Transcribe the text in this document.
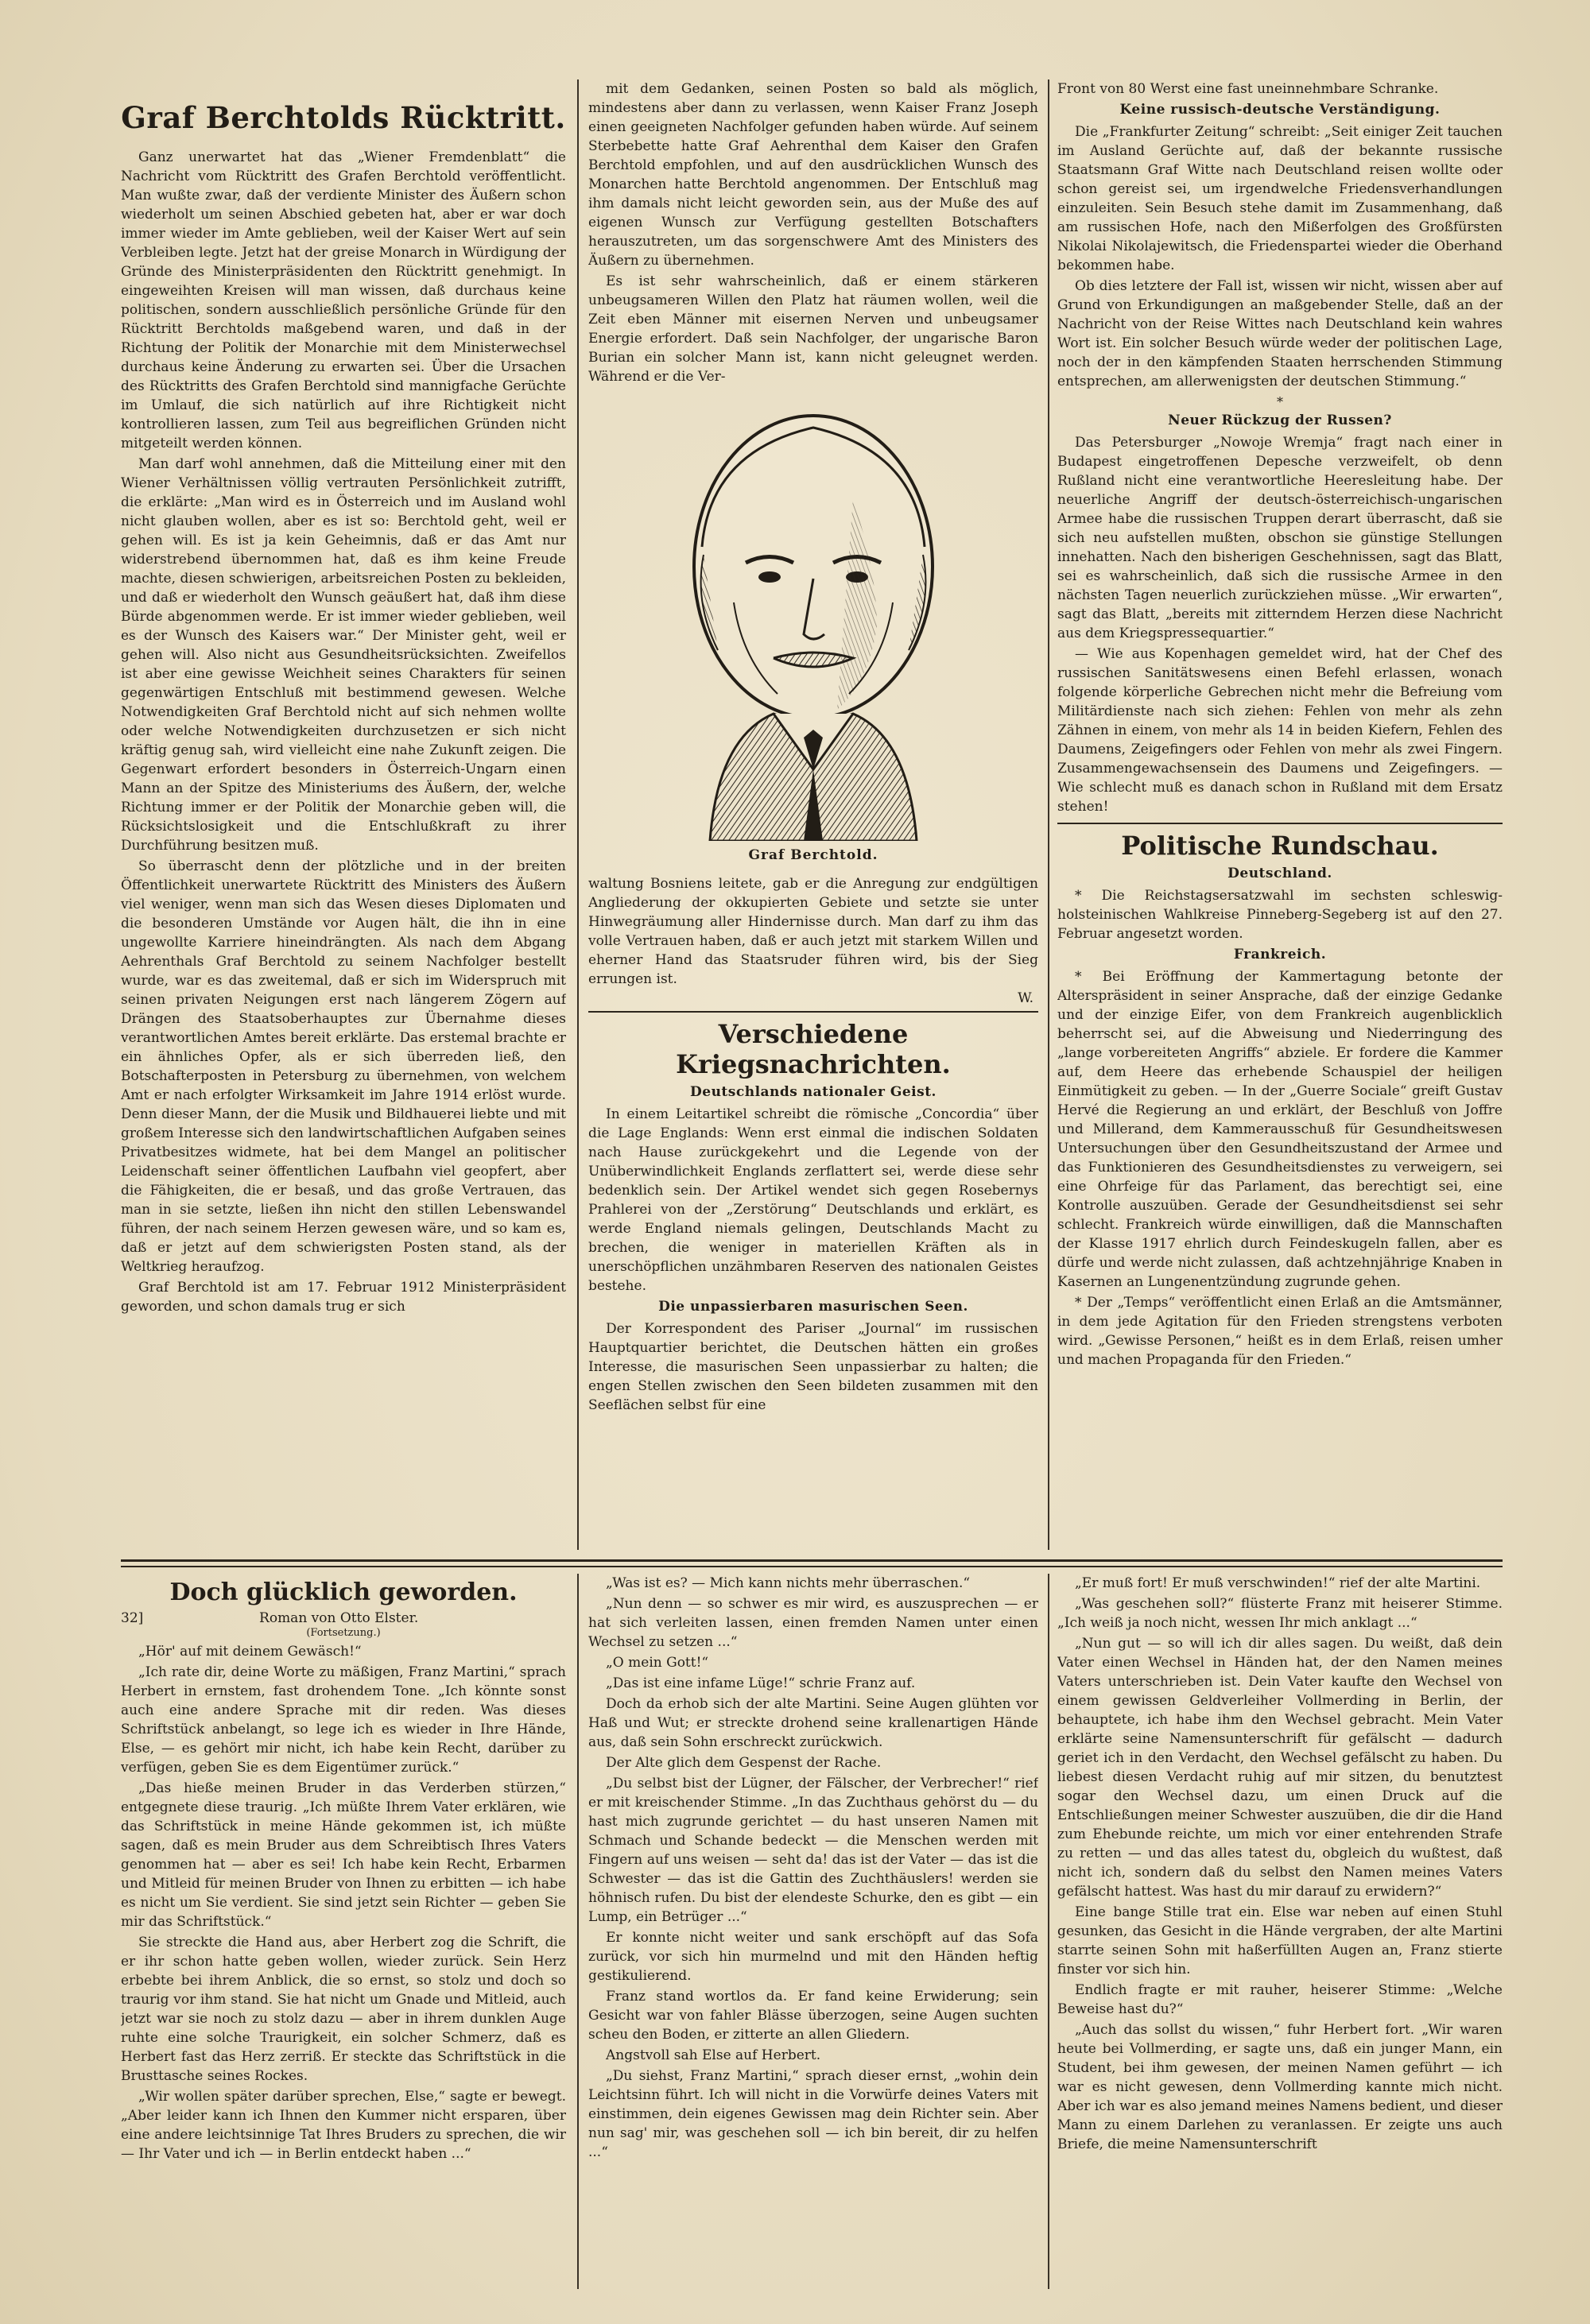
Graf Berchtolds Rücktritt.

Ganz unerwartet hat das „Wiener Fremdenblatt“ die Nachricht vom Rücktritt des Grafen Berchtold veröffentlicht. Man wußte zwar, daß der verdiente Minister des Äußern schon wiederholt um seinen Abschied gebeten hat, aber er war doch immer wieder im Amte geblieben, weil der Kaiser Wert auf sein Verbleiben legte. Jetzt hat der greise Monarch in Würdigung der Gründe des Ministerpräsidenten den Rücktritt genehmigt. In eingeweihten Kreisen will man wissen, daß durchaus keine politischen, sondern ausschließlich persönliche Gründe für den Rücktritt Berchtolds maßgebend waren, und daß in der Richtung der Politik der Monarchie mit dem Ministerwechsel durchaus keine Änderung zu erwarten sei. Über die Ursachen des Rücktritts des Grafen Berchtold sind mannigfache Gerüchte im Umlauf, die sich natürlich auf ihre Richtigkeit nicht kontrollieren lassen, zum Teil aus begreiflichen Gründen nicht mitgeteilt werden können.

Man darf wohl annehmen, daß die Mitteilung einer mit den Wiener Verhältnissen völlig vertrauten Persönlichkeit zutrifft, die erklärte: „Man wird es in Österreich und im Ausland wohl nicht glauben wollen, aber es ist so: Berchtold geht, weil er gehen will. Es ist ja kein Geheimnis, daß er das Amt nur widerstrebend übernommen hat, daß es ihm keine Freude machte, diesen schwierigen, arbeitsreichen Posten zu bekleiden, und daß er wiederholt den Wunsch geäußert hat, daß ihm diese Bürde abgenommen werde. Er ist immer wieder geblieben, weil es der Wunsch des Kaisers war.“ Der Minister geht, weil er gehen will. Also nicht aus Gesundheitsrücksichten. Zweifellos ist aber eine gewisse Weichheit seines Charakters für seinen gegenwärtigen Entschluß mit bestimmend gewesen. Welche Notwendigkeiten Graf Berchtold nicht auf sich nehmen wollte oder welche Notwendigkeiten durchzusetzen er sich nicht kräftig genug sah, wird vielleicht eine nahe Zukunft zeigen. Die Gegenwart erfordert besonders in Österreich-Ungarn einen Mann an der Spitze des Ministeriums des Äußern, der, welche Richtung immer er der Politik der Monarchie geben will, die Rücksichtslosigkeit und die Entschlußkraft zu ihrer Durchführung besitzen muß.

So überrascht denn der plötzliche und in der breiten Öffentlichkeit unerwartete Rücktritt des Ministers des Äußern viel weniger, wenn man sich das Wesen dieses Diplomaten und die besonderen Umstände vor Augen hält, die ihn in eine ungewollte Karriere hineindrängten. Als nach dem Abgang Aehrenthals Graf Berchtold zu seinem Nachfolger bestellt wurde, war es das zweitemal, daß er sich im Widerspruch mit seinen privaten Neigungen erst nach längerem Zögern auf Drängen des Staatsoberhauptes zur Übernahme dieses verantwortlichen Amtes bereit erklärte. Das erstemal brachte er ein ähnliches Opfer, als er sich überreden ließ, den Botschafterposten in Petersburg zu übernehmen, von welchem Amt er nach erfolgter Wirksamkeit im Jahre 1914 erlöst wurde. Denn dieser Mann, der die Musik und Bildhauerei liebte und mit großem Interesse sich den landwirtschaftlichen Aufgaben seines Privatbesitzes widmete, hat bei dem Mangel an politischer Leidenschaft seiner öffentlichen Laufbahn viel geopfert, aber die Fähigkeiten, die er besaß, und das große Vertrauen, das man in sie setzte, ließen ihn nicht den stillen Lebenswandel führen, der nach seinem Herzen gewesen wäre, und so kam es, daß er jetzt auf dem schwierigsten Posten stand, als der Weltkrieg heraufzog.

Graf Berchtold ist am 17. Februar 1912 Ministerpräsident geworden, und schon damals trug er sich

mit dem Gedanken, seinen Posten so bald als möglich, mindestens aber dann zu verlassen, wenn Kaiser Franz Joseph einen geeigneten Nachfolger gefunden haben würde. Auf seinem Sterbebette hatte Graf Aehrenthal dem Kaiser den Grafen Berchtold empfohlen, und auf den ausdrücklichen Wunsch des Monarchen hatte Berchtold angenommen. Der Entschluß mag ihm damals nicht leicht geworden sein, aus der Muße des auf eigenen Wunsch zur Verfügung gestellten Botschafters herauszutreten, um das sorgenschwere Amt des Ministers des Äußern zu übernehmen.

Es ist sehr wahrscheinlich, daß er einem stärkeren unbeugsameren Willen den Platz hat räumen wollen, weil die Zeit eben Männer mit eisernen Nerven und unbeugsamer Energie erfordert. Daß sein Nachfolger, der ungarische Baron Burian ein solcher Mann ist, kann nicht geleugnet werden. Während er die Ver-

Graf Berchtold.

waltung Bosniens leitete, gab er die Anregung zur endgültigen Angliederung der okkupierten Gebiete und setzte sie unter Hinwegräumung aller Hindernisse durch. Man darf zu ihm das volle Vertrauen haben, daß er auch jetzt mit starkem Willen und eherner Hand das Staatsruder führen wird, bis der Sieg errungen ist.

W.
Verschiedene Kriegsnachrichten.
Deutschlands nationaler Geist.

In einem Leitartikel schreibt die römische „Concordia“ über die Lage Englands: Wenn erst einmal die indischen Soldaten nach Hause zurückgekehrt und die Legende von der Unüberwindlichkeit Englands zerflattert sei, werde diese sehr bedenklich sein. Der Artikel wendet sich gegen Rosebernys Prahlerei von der „Zerstörung“ Deutschlands und erklärt, es werde England niemals gelingen, Deutschlands Macht zu brechen, die weniger in materiellen Kräften als in unerschöpflichen unzähmbaren Reserven des nationalen Geistes bestehe.

Die unpassierbaren masurischen Seen.

Der Korrespondent des Pariser „Journal“ im russischen Hauptquartier berichtet, die Deutschen hätten ein großes Interesse, die masurischen Seen unpassierbar zu halten; die engen Stellen zwischen den Seen bildeten zusammen mit den Seeflächen selbst für eine

Front von 80 Werst eine fast uneinnehmbare Schranke.

Keine russisch-deutsche Verständigung.

Die „Frankfurter Zeitung“ schreibt: „Seit einiger Zeit tauchen im Ausland Gerüchte auf, daß der bekannte russische Staatsmann Graf Witte nach Deutschland reisen wollte oder schon gereist sei, um irgendwelche Friedensverhandlungen einzuleiten. Sein Besuch stehe damit im Zusammenhang, daß am russischen Hofe, nach den Mißerfolgen des Großfürsten Nikolai Nikolajewitsch, die Friedenspartei wieder die Oberhand bekommen habe.

Ob dies letztere der Fall ist, wissen wir nicht, wissen aber auf Grund von Erkundigungen an maßgebender Stelle, daß an der Nachricht von der Reise Wittes nach Deutschland kein wahres Wort ist. Ein solcher Besuch würde weder der politischen Lage, noch der in den kämpfenden Staaten herrschenden Stimmung entsprechen, am allerwenigsten der deutschen Stimmung.“

*
Neuer Rückzug der Russen?

Das Petersburger „Nowoje Wremja“ fragt nach einer in Budapest eingetroffenen Depesche verzweifelt, ob denn Rußland nicht eine verantwortliche Heeresleitung habe. Der neuerliche Angriff der deutsch-österreichisch-ungarischen Armee habe die russischen Truppen derart überrascht, daß sie sich neu aufstellen mußten, obschon sie günstige Stellungen innehatten. Nach den bisherigen Geschehnissen, sagt das Blatt, sei es wahrscheinlich, daß sich die russische Armee in den nächsten Tagen neuerlich zurückziehen müsse. „Wir erwarten“, sagt das Blatt, „bereits mit zitterndem Herzen diese Nachricht aus dem Kriegspressequartier.“

— Wie aus Kopenhagen gemeldet wird, hat der Chef des russischen Sanitätswesens einen Befehl erlassen, wonach folgende körperliche Gebrechen nicht mehr die Befreiung vom Militärdienste nach sich ziehen: Fehlen von mehr als zehn Zähnen in einem, von mehr als 14 in beiden Kiefern, Fehlen des Daumens, Zeigefingers oder Fehlen von mehr als zwei Fingern. Zusammengewachsensein des Daumens und Zeigefingers. — Wie schlecht muß es danach schon in Rußland mit dem Ersatz stehen!

Politische Rundschau.
Deutschland.

* Die Reichstagsersatzwahl im sechsten schleswig-holsteinischen Wahlkreise Pinneberg-Segeberg ist auf den 27. Februar angesetzt worden.

Frankreich.

* Bei Eröffnung der Kammertagung betonte der Alterspräsident in seiner Ansprache, daß der einzige Gedanke und der einzige Eifer, von dem Frankreich augenblicklich beherrscht sei, auf die Abweisung und Niederringung des „lange vorbereiteten Angriffs“ abziele. Er fordere die Kammer auf, dem Heere das erhebende Schauspiel der heiligen Einmütigkeit zu geben. — In der „Guerre Sociale“ greift Gustav Hervé die Regierung an und erklärt, der Beschluß von Joffre und Millerand, dem Kammerausschuß für Gesundheitswesen Untersuchungen über den Gesundheitszustand der Armee und das Funktionieren des Gesundheitsdienstes zu verweigern, sei eine Ohrfeige für das Parlament, das berechtigt sei, eine Kontrolle auszuüben. Gerade der Gesundheitsdienst sei sehr schlecht. Frankreich würde einwilligen, daß die Mannschaften der Klasse 1917 ehrlich durch Feindeskugeln fallen, aber es dürfe und werde nicht zulassen, daß achtzehnjährige Knaben in Kasernen an Lungenentzündung zugrunde gehen.

* Der „Temps“ veröffentlicht einen Erlaß an die Amtsmänner, in dem jede Agitation für den Frieden strengstens verboten wird. „Gewisse Personen,“ heißt es in dem Erlaß, reisen umher und machen Propaganda für den Frieden.“

Doch glücklich geworden.
32]	Roman von Otto Elster.
(Fortsetzung.)

„Hör' auf mit deinem Gewäsch!“

„Ich rate dir, deine Worte zu mäßigen, Franz Martini,“ sprach Herbert in ernstem, fast drohendem Tone. „Ich könnte sonst auch eine andere Sprache mit dir reden. Was dieses Schriftstück anbelangt, so lege ich es wieder in Ihre Hände, Else, — es gehört mir nicht, ich habe kein Recht, darüber zu verfügen, geben Sie es dem Eigentümer zurück.“

„Das hieße meinen Bruder in das Verderben stürzen,“ entgegnete diese traurig. „Ich müßte Ihrem Vater erklären, wie das Schriftstück in meine Hände gekommen ist, ich müßte sagen, daß es mein Bruder aus dem Schreibtisch Ihres Vaters genommen hat — aber es sei! Ich habe kein Recht, Erbarmen und Mitleid für meinen Bruder von Ihnen zu erbitten — ich habe es nicht um Sie verdient. Sie sind jetzt sein Richter — geben Sie mir das Schriftstück.“

Sie streckte die Hand aus, aber Herbert zog die Schrift, die er ihr schon hatte geben wollen, wieder zurück. Sein Herz erbebte bei ihrem Anblick, die so ernst, so stolz und doch so traurig vor ihm stand. Sie hat nicht um Gnade und Mitleid, auch jetzt war sie noch zu stolz dazu — aber in ihrem dunklen Auge ruhte eine solche Traurigkeit, ein solcher Schmerz, daß es Herbert fast das Herz zerriß. Er steckte das Schriftstück in die Brusttasche seines Rockes.

„Wir wollen später darüber sprechen, Else,“ sagte er bewegt. „Aber leider kann ich Ihnen den Kummer nicht ersparen, über eine andere leichtsinnige Tat Ihres Bruders zu sprechen, die wir — Ihr Vater und ich — in Berlin entdeckt haben ...“

„Was ist es? — Mich kann nichts mehr überraschen.“

„Nun denn — so schwer es mir wird, es auszusprechen — er hat sich verleiten lassen, einen fremden Namen unter einen Wechsel zu setzen ...“

„O mein Gott!“

„Das ist eine infame Lüge!“ schrie Franz auf.

Doch da erhob sich der alte Martini. Seine Augen glühten vor Haß und Wut; er streckte drohend seine krallenartigen Hände aus, daß sein Sohn erschreckt zurückwich.

Der Alte glich dem Gespenst der Rache.

„Du selbst bist der Lügner, der Fälscher, der Verbrecher!“ rief er mit kreischender Stimme. „In das Zuchthaus gehörst du — du hast mich zugrunde gerichtet — du hast unseren Namen mit Schmach und Schande bedeckt — die Menschen werden mit Fingern auf uns weisen — seht da! das ist der Vater — das ist die Schwester — das ist die Gattin des Zuchthäuslers! werden sie höhnisch rufen. Du bist der elendeste Schurke, den es gibt — ein Lump, ein Betrüger ...“

Er konnte nicht weiter und sank erschöpft auf das Sofa zurück, vor sich hin murmelnd und mit den Händen heftig gestikulierend.

Franz stand wortlos da. Er fand keine Erwiderung; sein Gesicht war von fahler Blässe überzogen, seine Augen suchten scheu den Boden, er zitterte an allen Gliedern.

Angstvoll sah Else auf Herbert.

„Du siehst, Franz Martini,“ sprach dieser ernst, „wohin dein Leichtsinn führt. Ich will nicht in die Vorwürfe deines Vaters mit einstimmen, dein eigenes Gewissen mag dein Richter sein. Aber nun sag' mir, was geschehen soll — ich bin bereit, dir zu helfen ...“

„Er muß fort! Er muß verschwinden!“ rief der alte Martini.

„Was geschehen soll?“ flüsterte Franz mit heiserer Stimme. „Ich weiß ja noch nicht, wessen Ihr mich anklagt ...“

„Nun gut — so will ich dir alles sagen. Du weißt, daß dein Vater einen Wechsel in Händen hat, der den Namen meines Vaters unterschrieben ist. Dein Vater kaufte den Wechsel von einem gewissen Geldverleiher Vollmerding in Berlin, der behauptete, ich habe ihm den Wechsel gebracht. Mein Vater erklärte seine Namensunterschrift für gefälscht — dadurch geriet ich in den Verdacht, den Wechsel gefälscht zu haben. Du liebest diesen Verdacht ruhig auf mir sitzen, du benutztest sogar den Wechsel dazu, um einen Druck auf die Entschließungen meiner Schwester auszuüben, die dir die Hand zum Ehebunde reichte, um mich vor einer entehrenden Strafe zu retten — und das alles tatest du, obgleich du wußtest, daß nicht ich, sondern daß du selbst den Namen meines Vaters gefälscht hattest. Was hast du mir darauf zu erwidern?“

Eine bange Stille trat ein. Else war neben auf einen Stuhl gesunken, das Gesicht in die Hände vergraben, der alte Martini starrte seinen Sohn mit haßerfüllten Augen an, Franz stierte finster vor sich hin.

Endlich fragte er mit rauher, heiserer Stimme: „Welche Beweise hast du?“

„Auch das sollst du wissen,“ fuhr Herbert fort. „Wir waren heute bei Vollmerding, er sagte uns, daß ein junger Mann, ein Student, bei ihm gewesen, der meinen Namen geführt — ich war es nicht gewesen, denn Vollmerding kannte mich nicht. Aber ich war es also jemand meines Namens bedient, und dieser Mann zu einem Darlehen zu veranlassen. Er zeigte uns auch Briefe, die meine Namensunterschrift
